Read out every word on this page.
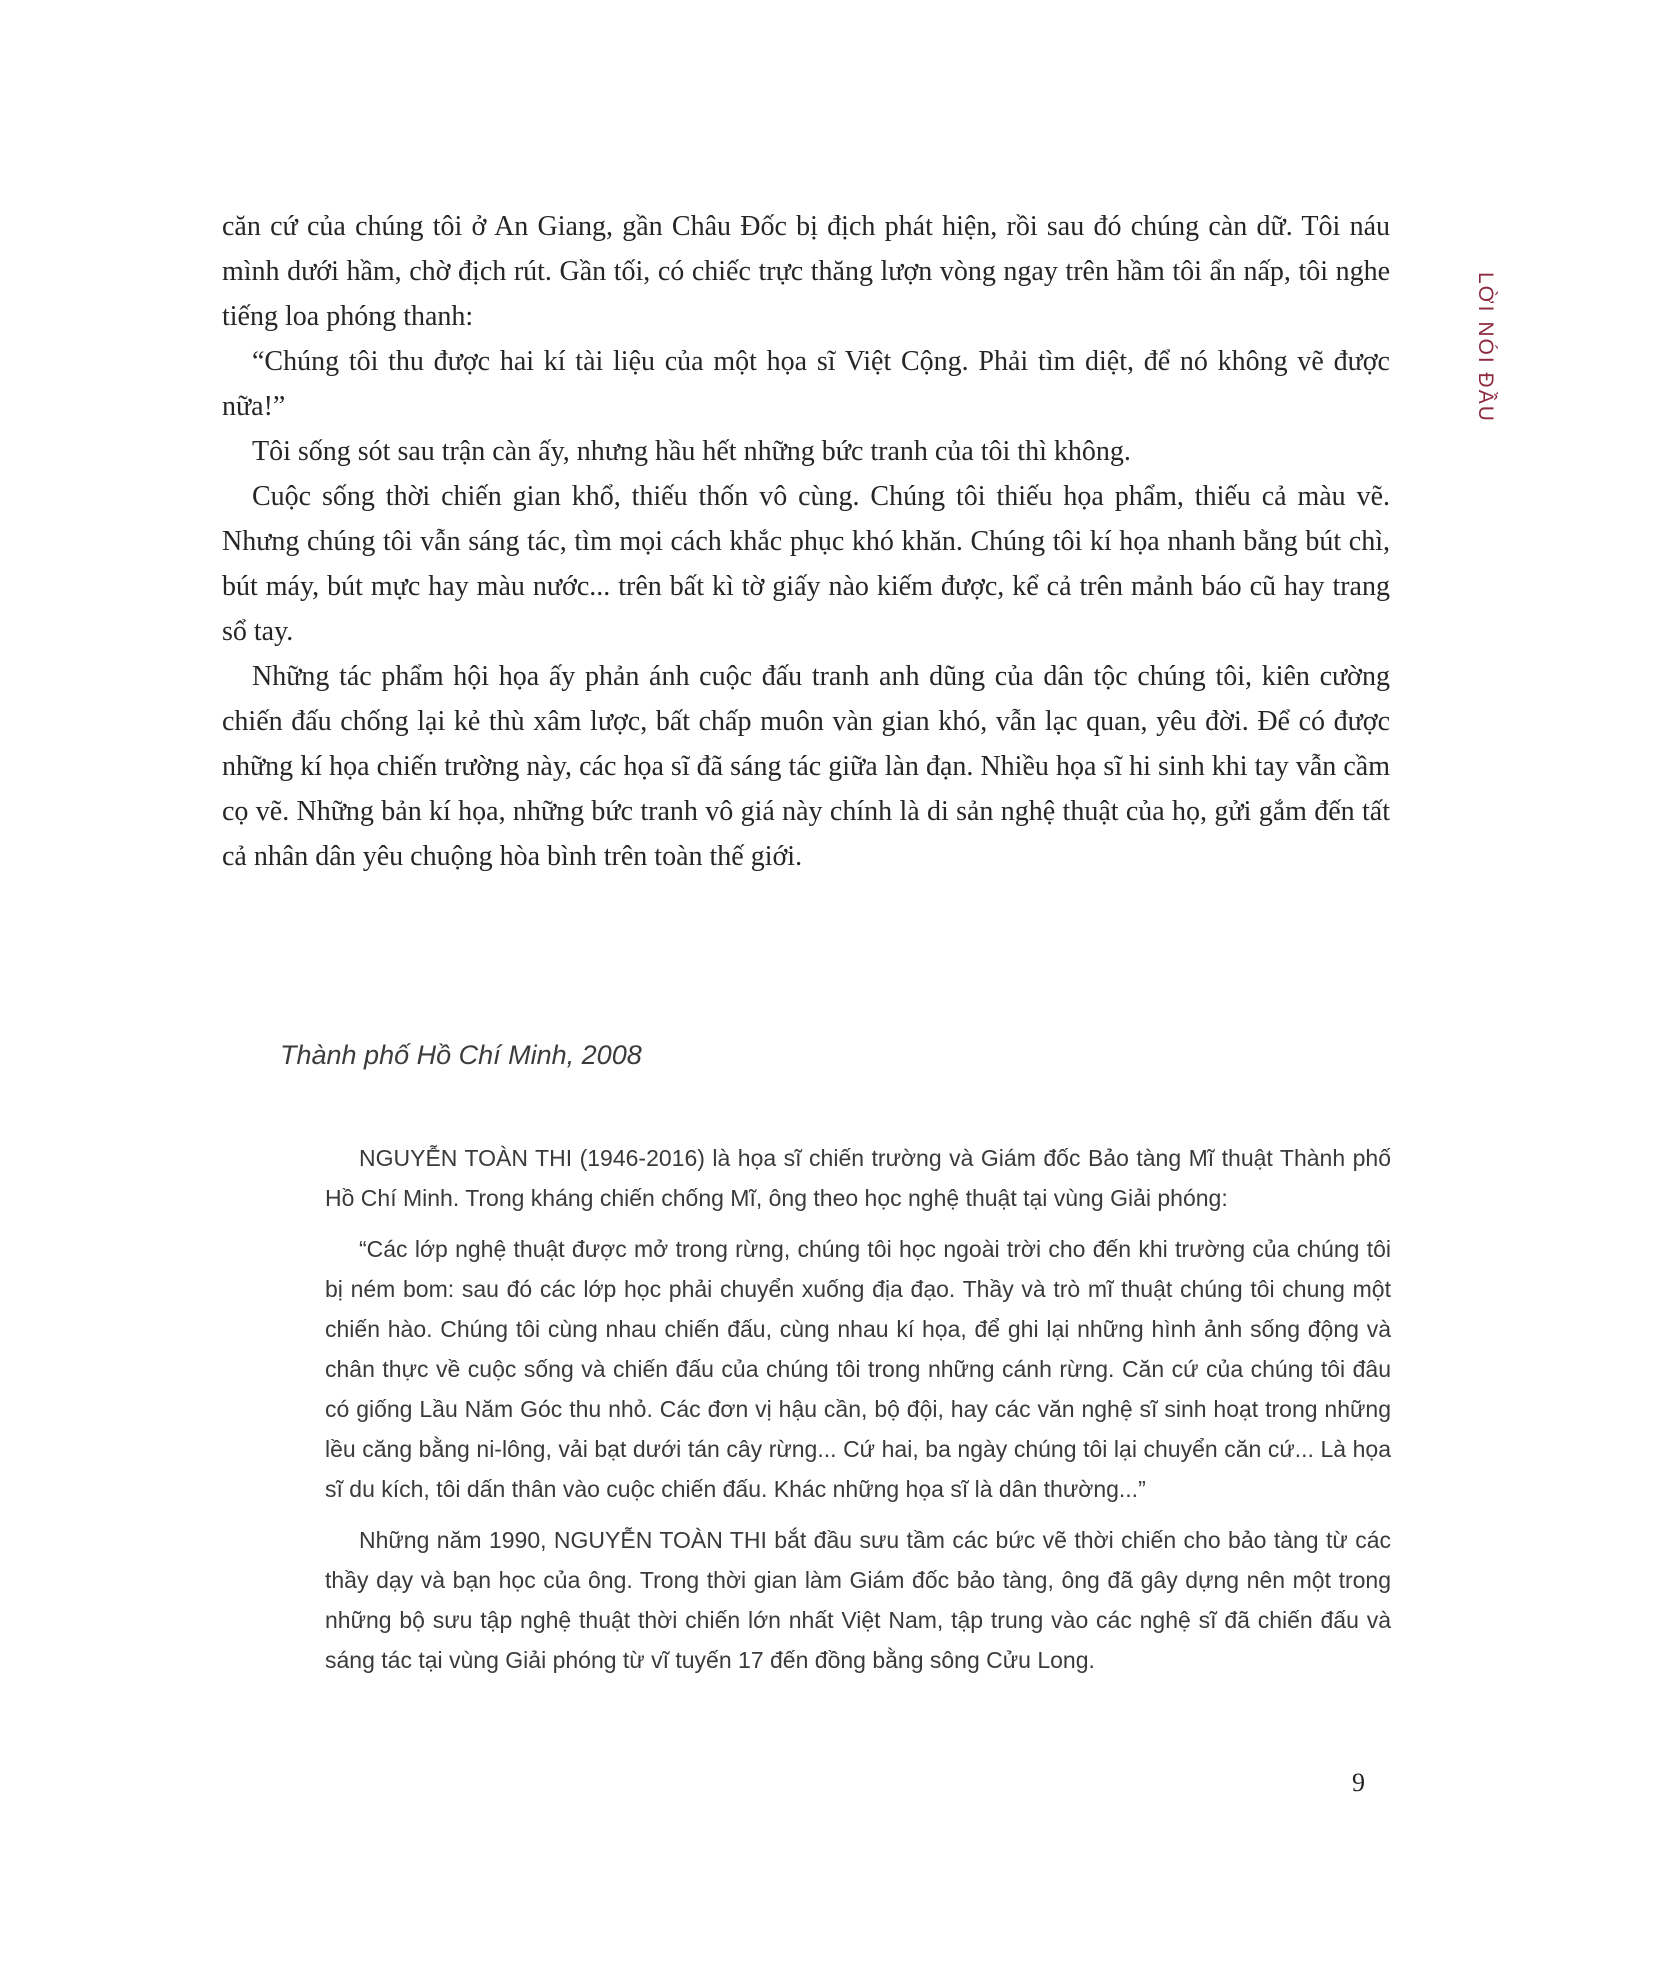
LỜI NÓI ĐẦU

căn cứ của chúng tôi ở An Giang, gần Châu Đốc bị địch phát hiện, rồi sau đó chúng càn dữ. Tôi náu mình dưới hầm, chờ địch rút. Gần tối, có chiếc trực thăng lượn vòng ngay trên hầm tôi ẩn nấp, tôi nghe tiếng loa phóng thanh:

“Chúng tôi thu được hai kí tài liệu của một họa sĩ Việt Cộng. Phải tìm diệt, để nó không vẽ được nữa!”

Tôi sống sót sau trận càn ấy, nhưng hầu hết những bức tranh của tôi thì không.

Cuộc sống thời chiến gian khổ, thiếu thốn vô cùng. Chúng tôi thiếu họa phẩm, thiếu cả màu vẽ. Nhưng chúng tôi vẫn sáng tác, tìm mọi cách khắc phục khó khăn. Chúng tôi kí họa nhanh bằng bút chì, bút máy, bút mực hay màu nước... trên bất kì tờ giấy nào kiếm được, kể cả trên mảnh báo cũ hay trang sổ tay.

Những tác phẩm hội họa ấy phản ánh cuộc đấu tranh anh dũng của dân tộc chúng tôi, kiên cường chiến đấu chống lại kẻ thù xâm lược, bất chấp muôn vàn gian khó, vẫn lạc quan, yêu đời. Để có được những kí họa chiến trường này, các họa sĩ đã sáng tác giữa làn đạn. Nhiều họa sĩ hi sinh khi tay vẫn cầm cọ vẽ. Những bản kí họa, những bức tranh vô giá này chính là di sản nghệ thuật của họ, gửi gắm đến tất cả nhân dân yêu chuộng hòa bình trên toàn thế giới.

Thành phố Hồ Chí Minh, 2008

NGUYỄN TOÀN THI (1946-2016) là họa sĩ chiến trường và Giám đốc Bảo tàng Mĩ thuật Thành phố Hồ Chí Minh. Trong kháng chiến chống Mĩ, ông theo học nghệ thuật tại vùng Giải phóng:

“Các lớp nghệ thuật được mở trong rừng, chúng tôi học ngoài trời cho đến khi trường của chúng tôi bị ném bom: sau đó các lớp học phải chuyển xuống địa đạo. Thầy và trò mĩ thuật chúng tôi chung một chiến hào. Chúng tôi cùng nhau chiến đấu, cùng nhau kí họa, để ghi lại những hình ảnh sống động và chân thực về cuộc sống và chiến đấu của chúng tôi trong những cánh rừng. Căn cứ của chúng tôi đâu có giống Lầu Năm Góc thu nhỏ. Các đơn vị hậu cần, bộ đội, hay các văn nghệ sĩ sinh hoạt trong những lều căng bằng ni-lông, vải bạt dưới tán cây rừng... Cứ hai, ba ngày chúng tôi lại chuyển căn cứ... Là họa sĩ du kích, tôi dấn thân vào cuộc chiến đấu. Khác những họa sĩ là dân thường...”

Những năm 1990, NGUYỄN TOÀN THI bắt đầu sưu tầm các bức vẽ thời chiến cho bảo tàng từ các thầy dạy và bạn học của ông. Trong thời gian làm Giám đốc bảo tàng, ông đã gây dựng nên một trong những bộ sưu tập nghệ thuật thời chiến lớn nhất Việt Nam, tập trung vào các nghệ sĩ đã chiến đấu và sáng tác tại vùng Giải phóng từ vĩ tuyến 17 đến đồng bằng sông Cửu Long.

9
